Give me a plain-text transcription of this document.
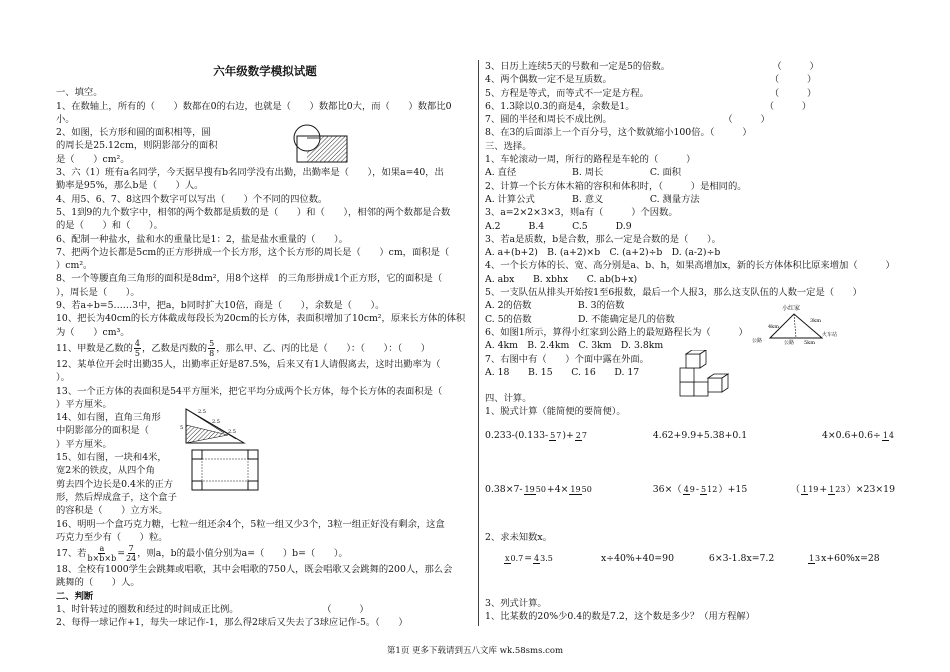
六年级数学模拟试题
一、填空。
1、在数轴上，所有的（　　）数都在0的右边，也就是（　　）数都比0大，而（　　）数都比0
小。
2、如图，长方形和圆的面积相等，圆
的周长是25.12cm，则阴影部分的面积
是（　　）cm²。
3、六（1）班有a名同学，今天据早搜有b名同学没有出勤，出勤率是（　　），如果a=40，出
勤率是95%，那么b是（　　）人。
4、用5、6、7、8这四个数字可以写出（　　）个不同的四位数。
5、1到9的九个数字中，相邻的两个数都是质数的是（　　）和（　　），相邻的两个数都是合数
的是（　　）和（　　）。
6、配制一种盐水，盐和水的重量比是1：2，盐是盐水重量的（　　）。
7、把两个边长都是5cm的正方形拼成一个长方形，这个长方形的周长是（　　）cm，面积是（　　
）cm²。
8、一个等腰直角三角形的面积是8dm²，用8个这样　的三角形拼成1个正方形，它的面积是（
），周长是（　　）。
9、若a÷b=5……3中，把a，b同时扩大10倍，商是（　　），余数是（　　）。
10、把长为40cm的长方体截成每段长为20cm的长方体，表面积增加了10cm²，原来长方体的体积
为（　　）cm³。
11、甲数是乙数的 $\frac{4}{5}$ ，乙数是丙数的 $\frac{5}{8}$ ，那么甲、乙、丙的比是（　　）：（　　）：（　　）
12、某单位开会时出勤35人，出勤率正好是87.5%，后来又有1人请假离去，这时出勤率为（
）。
13、一个正方体的表面积是54平方厘米，把它平均分成两个长方体，每个长方体的表面积是（
）平方厘米。
14、如右图，直角三角形
中阴影部分的面积是（
）平方厘米。
15、如右图，一块和4米，
宽2米的铁皮，从四个角
剪去四个边长是0.4米的正方
形，然后焊成盒子，这个盒子
的容积是（　　）立方米。
16、明明一个盒巧克力糖，七粒一组还余4个，5粒一组又少3个，3粒一组正好没有剩余，这盒
巧克力至少有（　　）粒。
17、若 $\frac{a}{b\times b\times b} = \frac{7}{24}$ ，则a，b的最小值分别为a=（　　）b=（　　）。
18、全校有1000学生会跳舞或唱歌，其中会唱歌的750人，既会唱歌又会跳舞的200人，那么会
跳舞的（　　）人。
二、判断
1、时针转过的圈数和经过的时间成正比例。　　　　　　　　　　（　　　）
2、每得一球记作+1，每失一球记作-1，那么得2球后又失去了3球应记作-5。（　　）
2.5
2.5
2.5
5
3、日历上连续5天的号数和一定是5的倍数。　　　　　　　　　　　　（　　　）
4、两个偶数一定不是互质数。　　　　　　　　　　　　　　　　　　（　　　）
5、方程是等式，而等式不一定是方程。　　　　　　　　　　　　　　（　　　）
6、1.3除以0.3的商是4，余数是1。　　　　　　　　　　　　　　　（　　　）
7、圆的半径和周长不成比例。　　　　　　　　　　　　　（　　　）
8、在3的后面添上一个百分号，这个数就缩小100倍。（　　　）
三、选择。
1、车轮滚动一周，所行的路程是车轮的（　　　）
A. 直径　　　　　　B. 周长　　　　　C. 面积
2、计算一个长方体木箱的容积和体积时，（　　　）是相同的。
A. 计算公式　　　　B. 意义　　　　　C. 测量方法
3、a=2×2×3×3，则a有（　　　）个因数。
A.2　　　B.4　　　C.5　　　D.9
3、若a是质数，b是合数，那么一定是合数的是（　　）。
A. a+(b+2)　B. (a+2)×b　C. (a+2)÷b　D. (a-2)÷b
4、一个长方体的长、宽、高分别是a、b、h，如果高增加x，新的长方体体积比原来增加（　　　）
A. abx　　B. xbhx　　C. ab(b+x)
5、一支队伍从排头开始按1至6报数，最后一个人报3，那么这支队伍的人数一定是（　　）
A. 2的倍数　　　　　B. 3的倍数
C. 5的倍数　　　　　D. 不能确定是几的倍数
6、如图1所示，算得小红家到公路上的最短路程长为（　　　）
A. 4km　B. 2.4km　C. 3km　D. 3.8km
7、右图中有（　　）个面中露在外面。
A. 18　　B. 15　　C. 16　　D. 17
四、计算。
1、脱式计算（能简便的要简便）。
0.233-(0.133- 57)+ 27	4.62+9.9+5.38+0.1	4×0.6+0.6÷ 14
0.38×7- 1950+4× 1950	36×（ 49- 512）+15	（ 119+ 123）×23×19
2、求未知数x。
x0.7= 43.5	x÷40%+40=90	6×3-1.8x=7.2	13x+60%x=28
3、列式计算。
1、比某数的20%少0.4的数是7.2，这个数是多少？（用方程解）
小红家
4km
3km
公路	公路 5km
火车站
第1页 更多下载请到五八文库 wk.58sms.com
